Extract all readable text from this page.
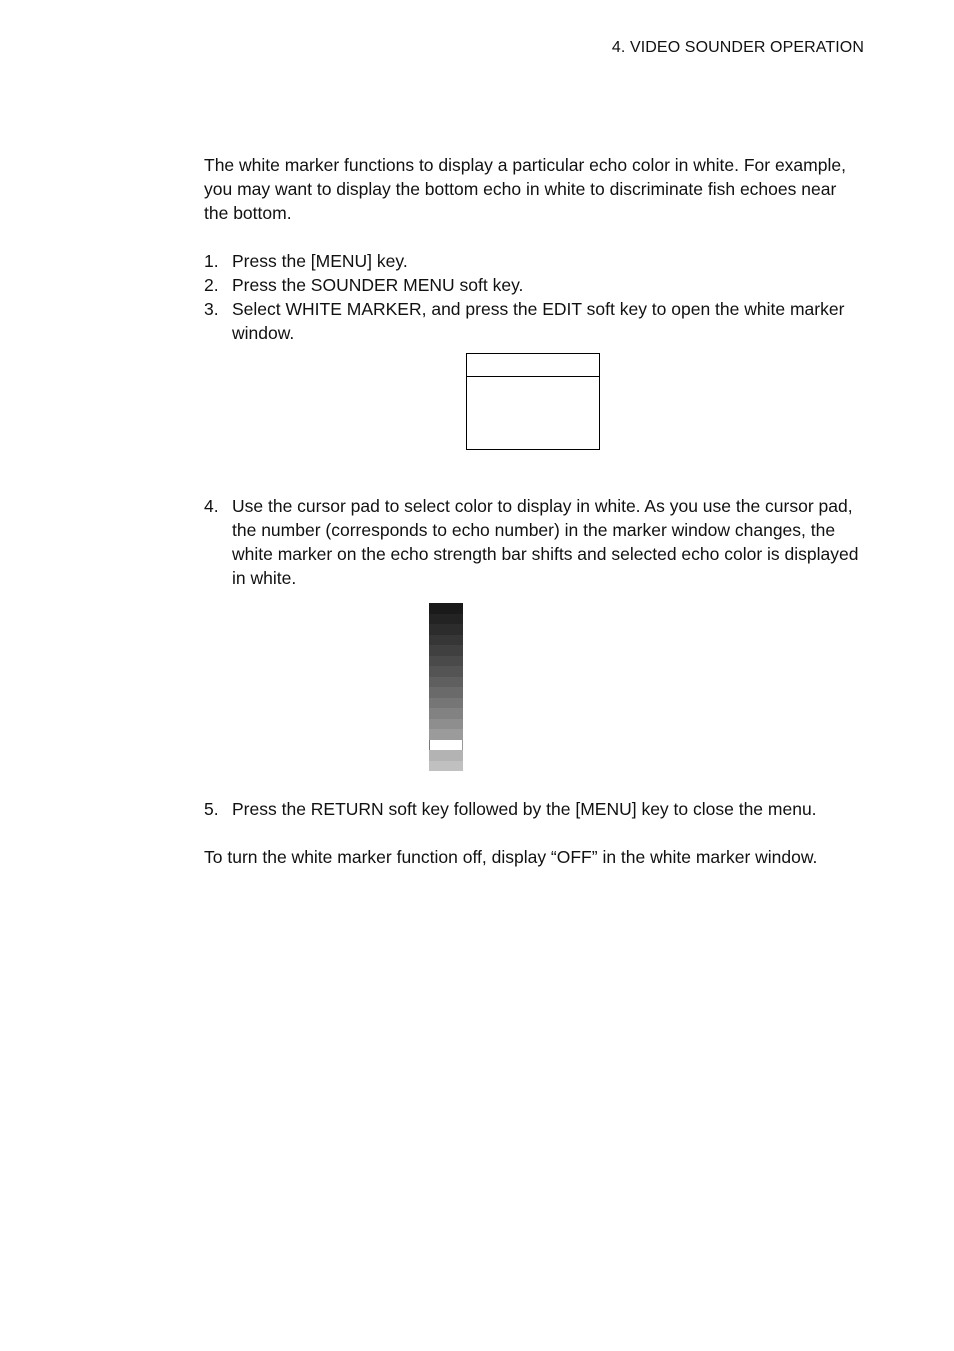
4. VIDEO SOUNDER OPERATION
The white marker functions to display a particular echo color in white. For example, you may want to display the bottom echo in white to discriminate fish echoes near the bottom.
1. Press the [MENU] key.
2. Press the SOUNDER MENU soft key.
3. Select WHITE MARKER, and press the EDIT soft key to open the white marker window.
4. Use the cursor pad to select color to display in white. As you use the cursor pad, the number (corresponds to echo number) in the marker window changes, the white marker on the echo strength bar shifts and selected echo color is displayed in white.
5. Press the RETURN soft key followed by the [MENU] key to close the menu.
To turn the white marker function off, display “OFF” in the white marker window.
